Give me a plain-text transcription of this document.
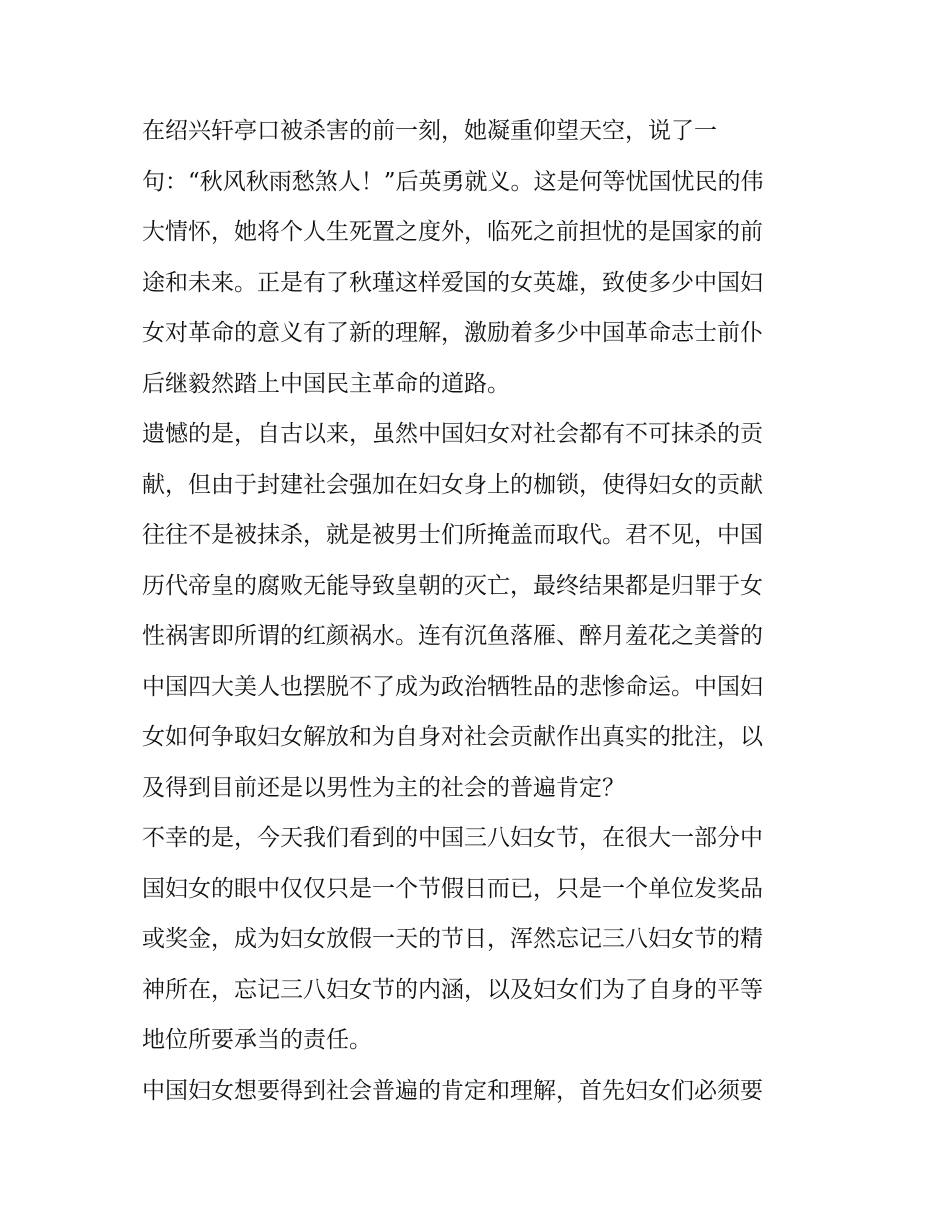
在绍兴轩亭口被杀害的前一刻，她凝重仰望天空，说了一
句：“秋风秋雨愁煞人！”后英勇就义。这是何等忧国忧民的伟
大情怀，她将个人生死置之度外，临死之前担忧的是国家的前
途和未来。正是有了秋瑾这样爱国的女英雄，致使多少中国妇
女对革命的意义有了新的理解，激励着多少中国革命志士前仆
后继毅然踏上中国民主革命的道路。
遗憾的是，自古以来，虽然中国妇女对社会都有不可抹杀的贡
献，但由于封建社会强加在妇女身上的枷锁，使得妇女的贡献
往往不是被抹杀，就是被男士们所掩盖而取代。君不见，中国
历代帝皇的腐败无能导致皇朝的灭亡，最终结果都是归罪于女
性祸害即所谓的红颜祸水。连有沉鱼落雁、醉月羞花之美誉的
中国四大美人也摆脱不了成为政治牺牲品的悲惨命运。中国妇
女如何争取妇女解放和为自身对社会贡献作出真实的批注，以
及得到目前还是以男性为主的社会的普遍肯定？
不幸的是，今天我们看到的中国三八妇女节，在很大一部分中
国妇女的眼中仅仅只是一个节假日而已，只是一个单位发奖品
或奖金，成为妇女放假一天的节日，浑然忘记三八妇女节的精
神所在，忘记三八妇女节的内涵，以及妇女们为了自身的平等
地位所要承当的责任。
中国妇女想要得到社会普遍的肯定和理解，首先妇女们必须要
